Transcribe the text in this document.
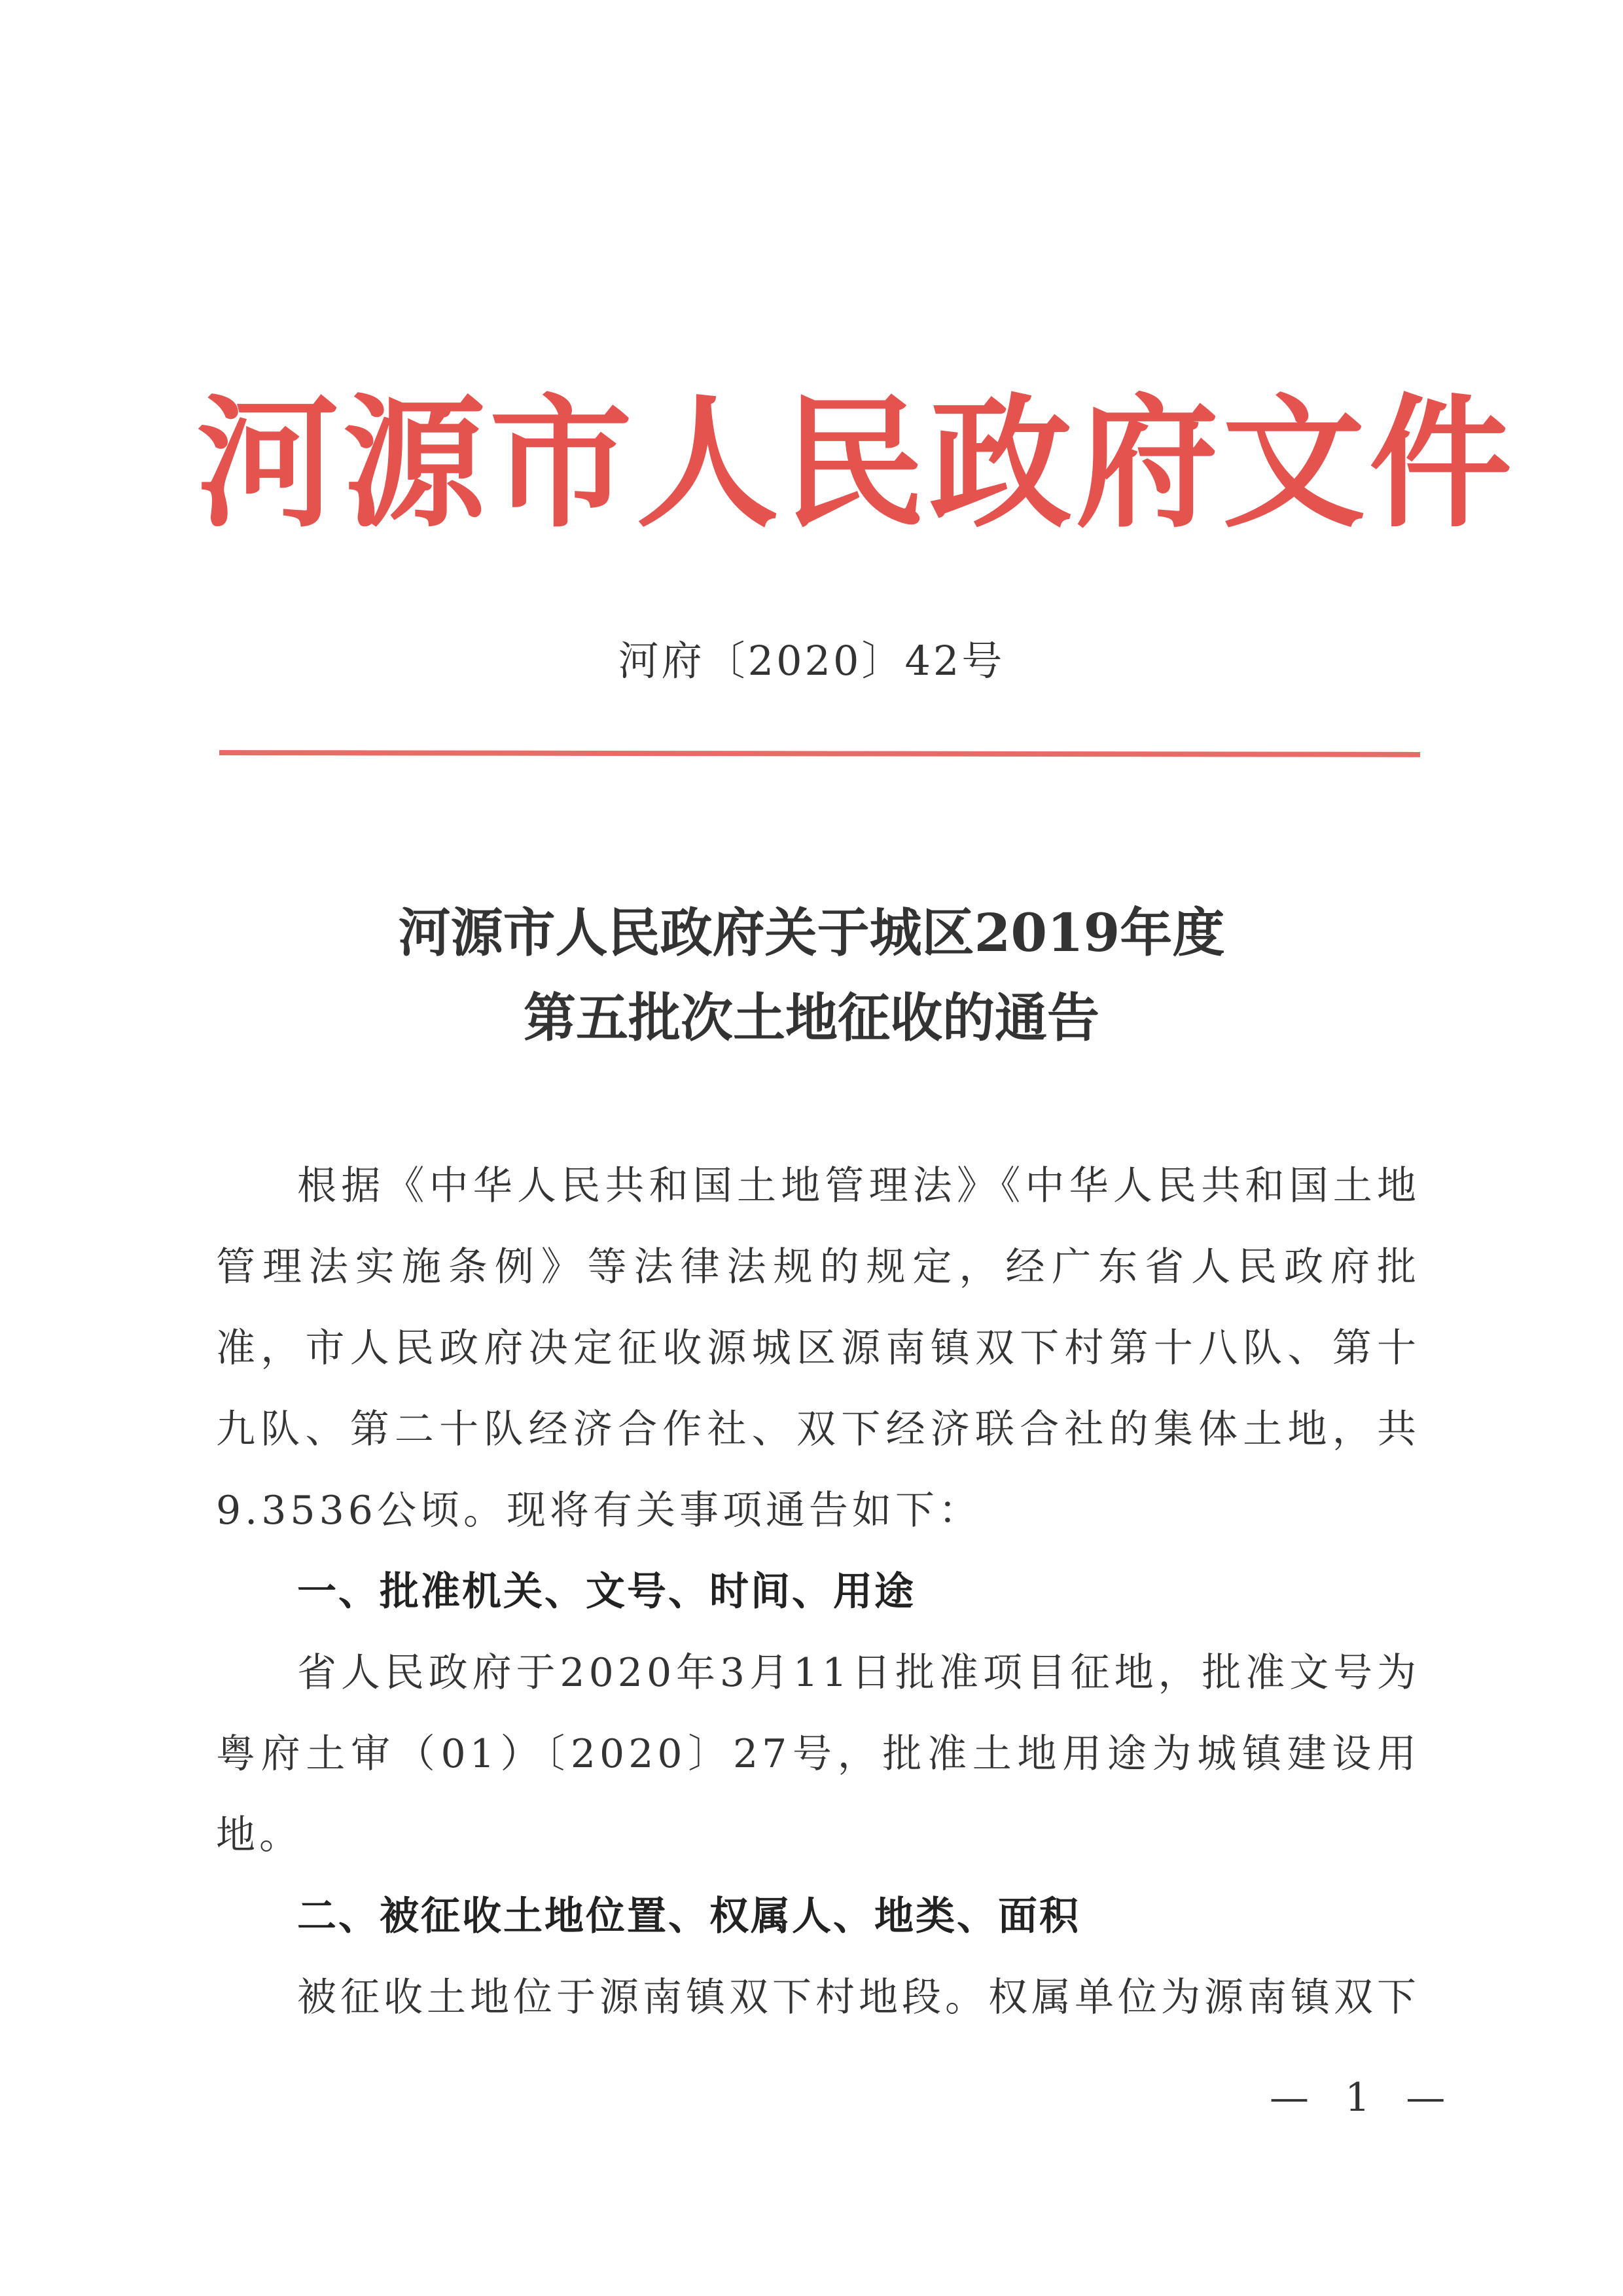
河源市人民政府文件
河府〔2020〕42号
河源市人民政府关于城区2019年度
第五批次土地征收的通告

根据《中华人民共和国土地管理法》《中华人民共和国土地管理法实施条例》等法律法规的规定，经广东省人民政府批准，市人民政府决定征收源城区源南镇双下村第十八队、第十九队、第二十队经济合作社、双下经济联合社的集体土地，共9.3536公顷。现将有关事项通告如下：

一、批准机关、文号、时间、用途

省人民政府于2020年3月11日批准项目征地，批准文号为粤府土审（01）〔2020〕27号，批准土地用途为城镇建设用地。

二、被征收土地位置、权属人、地类、面积

被征收土地位于源南镇双下村地段。权属单位为源南镇双下

— 1 —
